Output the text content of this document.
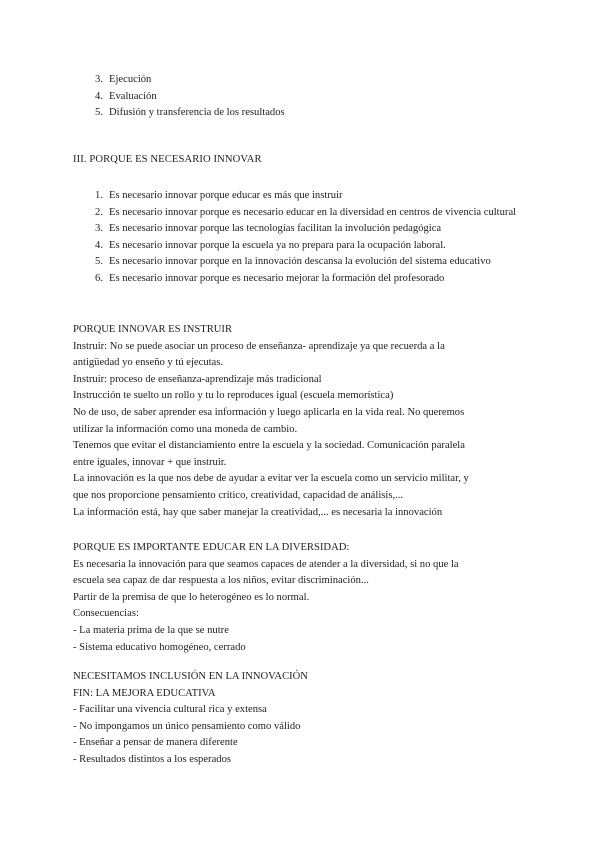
3. Ejecución
4. Evaluación
5. Difusión y transferencia de los resultados
III. PORQUE ES NECESARIO INNOVAR
1. Es necesario innovar porque educar es más que instruir
2. Es necesario innovar porque es necesario educar en la diversidad en centros de vivencia cultural
3. Es necesario innovar porque las tecnologías facilitan la involución pedagógica
4. Es necesario innovar porque la escuela ya no prepara para la ocupación laboral.
5. Es necesario innovar porque en la innovación descansa la evolución del sistema educativo
6. Es necesario innovar porque es necesario mejorar la formación del profesorado
PORQUE INNOVAR ES INSTRUIR
Instruir: No se puede asociar un proceso de enseñanza- aprendizaje ya que recuerda a la
antigüedad yo enseño y tú ejecutas.
Instruir: proceso de enseñanza-aprendizaje más tradicional
Instrucción te suelto un rollo y tu lo reproduces igual (escuela memorística)
No de uso, de saber aprender esa información y luego aplicarla en la vida real. No queremos
utilizar la información como una moneda de cambio.
Tenemos que evitar el distanciamiento entre la escuela y la sociedad. Comunicación paralela
entre iguales, innovar + que instruir.
La innovación es la que nos debe de ayudar a evitar ver la escuela como un servicio militar, y
que nos proporcione pensamiento crítico, creatividad, capacidad de análisis,...
La información está, hay que saber manejar la creatividad,... es necesaria la innovación
PORQUE ES IMPORTANTE EDUCAR EN LA DIVERSIDAD:
Es necesaria la innovación para que seamos capaces de atender a la diversidad, si no que la
escuela sea capaz de dar respuesta a los niños, evitar discriminación...
Partir de la premisa de que lo heterogéneo es lo normal.
Consecuencias:
- La materia prima de la que se nutre
- Sistema educativo homogéneo, cerrado
NECESITAMOS INCLUSIÓN EN LA INNOVACIÓN
FIN: LA MEJORA EDUCATIVA
- Facilitar una vivencia cultural rica y extensa
- No impongamos un único pensamiento como válido
- Enseñar a pensar de manera diferente
- Resultados distintos a los esperados
